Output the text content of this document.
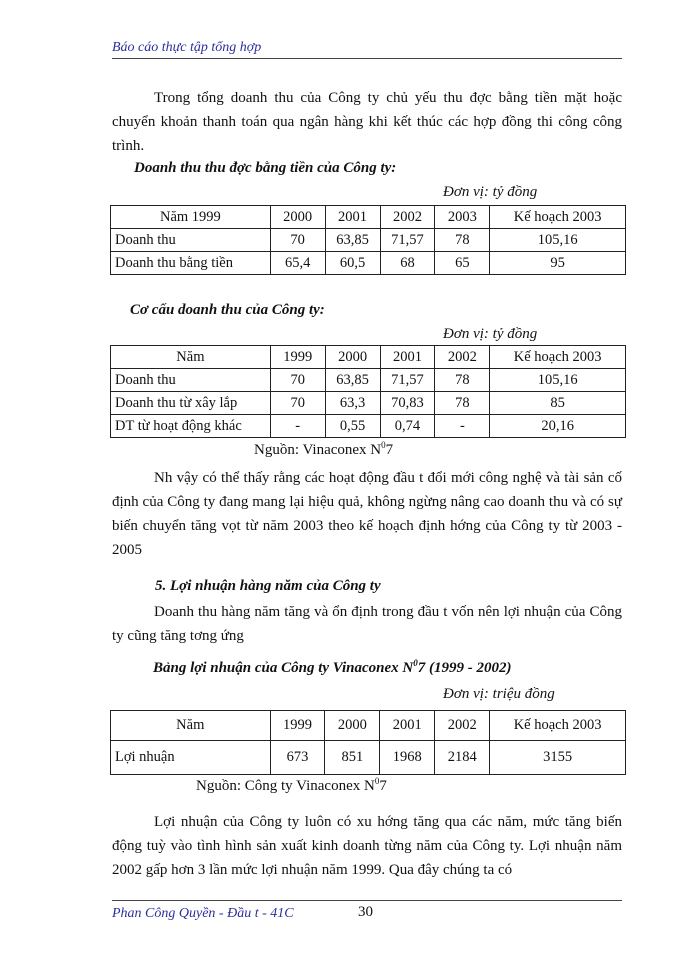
Báo cáo thực tập tổng hợp
Trong tổng doanh thu của Công ty chủ yếu thu đợc bằng tiền mặt hoặc chuyển khoản thanh toán qua ngân hàng khi kết thúc các hợp đồng thi công công trình.
Doanh thu thu đợc bằng tiền của Công ty:
Đơn vị: tỷ đồng
Năm 1999	2000	2001	2002	2003	Kế hoạch 2003
Doanh thu	70	63,85	71,57	78	105,16
Doanh thu bằng tiền	65,4	60,5	68	65	95
Cơ cấu doanh thu của Công ty:
Đơn vị: tỷ đồng
Năm	1999	2000	2001	2002	Kế hoạch 2003
Doanh thu	70	63,85	71,57	78	105,16
Doanh thu từ xây lắp	70	63,3	70,83	78	85
DT từ hoạt động khác	-	0,55	0,74	-	20,16
Nguồn: Vinaconex $N^07$
Nh vậy có thể thấy rằng các hoạt động đầu t đổi mới công nghệ và tài sản cố định của Công ty đang mang lại hiệu quả, không ngừng nâng cao doanh thu và có sự biến chuyển tăng vọt từ năm 2003 theo kế hoạch định hớng của Công ty từ 2003 - 2005
5. Lợi nhuận hàng năm của Công ty
Doanh thu hàng năm tăng và ổn định trong đầu t vốn nên lợi nhuận của Công ty cũng tăng tơng ứng
Bảng lợi nhuận của Công ty Vinaconex $N^07$ (1999 - 2002)
Đơn vị: triệu đồng
Năm	1999	2000	2001	2002	Kế hoạch 2003
Lợi nhuận	673	851	1968	2184	3155
Nguồn: Công ty Vinaconex $N^07$
Lợi nhuận của Công ty luôn có xu hớng tăng qua các năm, mức tăng biến động tuỳ vào tình hình sản xuất kinh doanh từng năm của Công ty. Lợi nhuận năm 2002 gấp hơn 3 lần mức lợi nhuận năm 1999. Qua đây chúng ta có
Phan Công Quyền - Đầu t - 41C	30
